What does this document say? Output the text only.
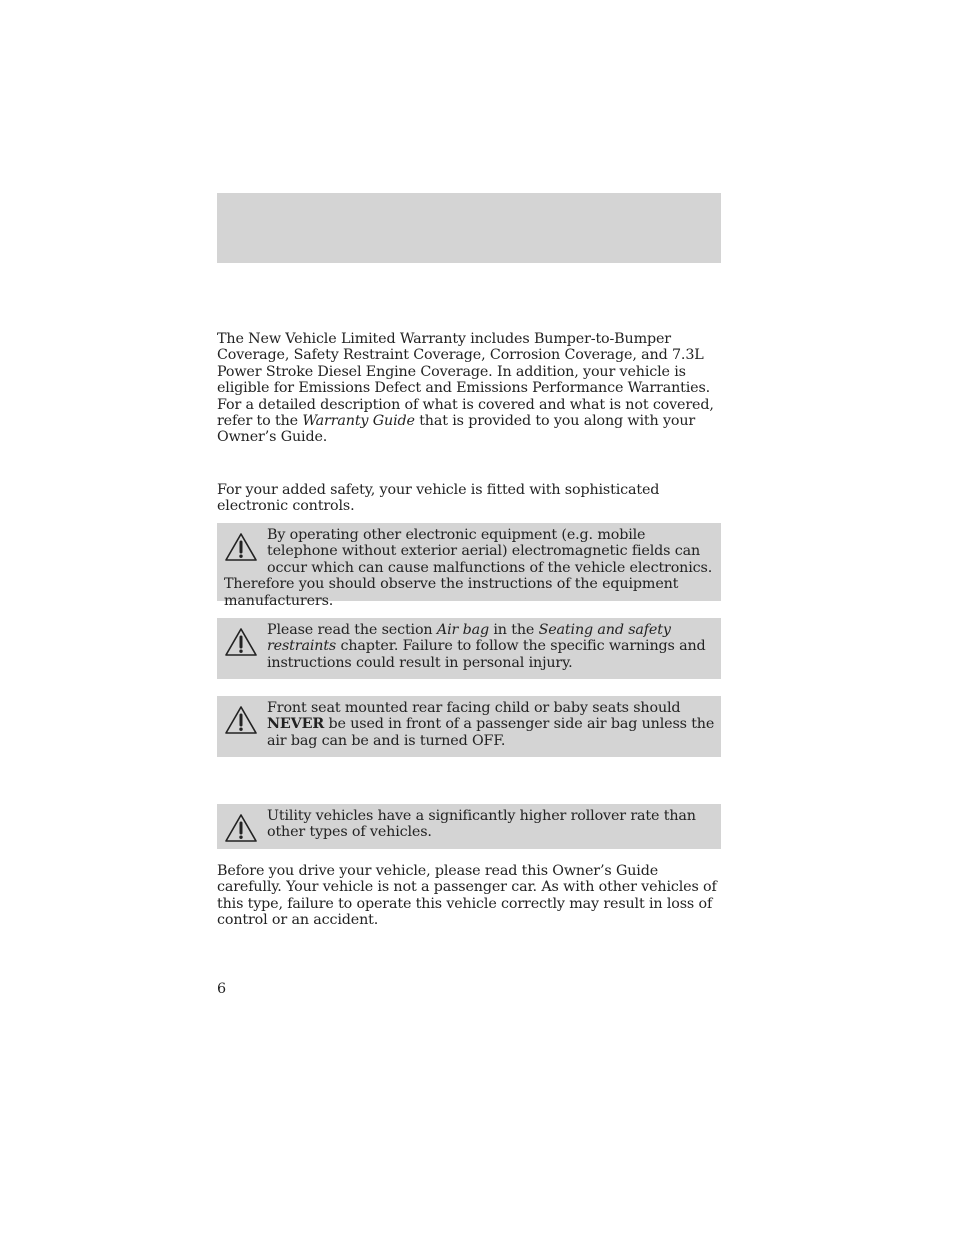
The New Vehicle Limited Warranty includes Bumper-to-Bumper Coverage, Safety Restraint Coverage, Corrosion Coverage, and 7.3L Power Stroke Diesel Engine Coverage. In addition, your vehicle is eligible for Emissions Defect and Emissions Performance Warranties. For a detailed description of what is covered and what is not covered, refer to the Warranty Guide that is provided to you along with your Owner’s Guide.

For your added safety, your vehicle is fitted with sophisticated electronic controls.

By operating other electronic equipment (e.g. mobile telephone without exterior aerial) electromagnetic fields can occur which can cause malfunctions of the vehicle electronics. Therefore you should observe the instructions of the equipment manufacturers.

Please read the section Air bag in the Seating and safety restraints chapter. Failure to follow the specific warnings and instructions could result in personal injury.

Front seat mounted rear facing child or baby seats should NEVER be used in front of a passenger side air bag unless the air bag can be and is turned OFF.

Utility vehicles have a significantly higher rollover rate than other types of vehicles.

Before you drive your vehicle, please read this Owner’s Guide carefully. Your vehicle is not a passenger car. As with other vehicles of this type, failure to operate this vehicle correctly may result in loss of control or an accident.

6
